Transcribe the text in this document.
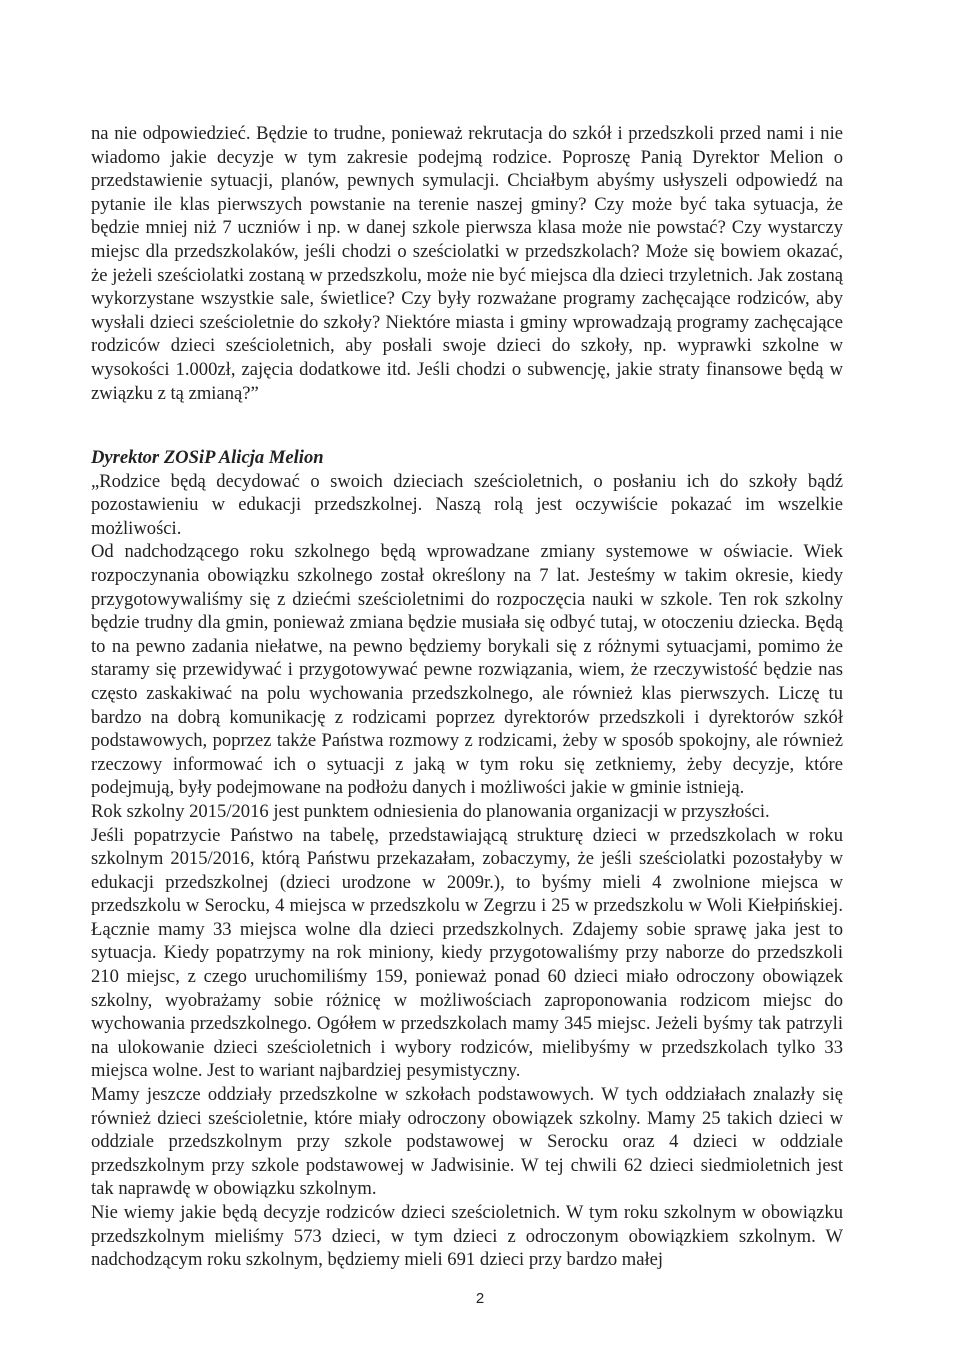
na nie odpowiedzieć. Będzie to trudne, ponieważ rekrutacja do szkół i przedszkoli przed nami i nie wiadomo jakie decyzje w tym zakresie podejmą rodzice. Poproszę Panią Dyrektor Melion o przedstawienie sytuacji, planów, pewnych symulacji. Chciałbym abyśmy usłyszeli odpowiedź na pytanie ile klas pierwszych powstanie na terenie naszej gminy? Czy może być taka sytuacja, że będzie mniej niż 7 uczniów i np. w danej szkole pierwsza klasa może nie powstać? Czy wystarczy miejsc dla przedszkolaków, jeśli chodzi o sześciolatki w przedszkolach? Może się bowiem okazać, że jeżeli sześciolatki zostaną w przedszkolu, może nie być miejsca dla dzieci trzyletnich. Jak zostaną wykorzystane wszystkie sale, świetlice? Czy były rozważane programy zachęcające rodziców, aby wysłali dzieci sześcioletnie do szkoły? Niektóre miasta i gminy wprowadzają programy zachęcające rodziców dzieci sześcioletnich, aby posłali swoje dzieci do szkoły, np. wyprawki szkolne w wysokości 1.000zł, zajęcia dodatkowe itd. Jeśli chodzi o subwencję, jakie straty finansowe będą w związku z tą zmianą?”

Dyrektor ZOSiP Alicja Melion

„Rodzice będą decydować o swoich dzieciach sześcioletnich, o posłaniu ich do szkoły bądź pozostawieniu w edukacji przedszkolnej. Naszą rolą jest oczywiście pokazać im wszelkie możliwości.

Od nadchodzącego roku szkolnego będą wprowadzane zmiany systemowe w oświacie. Wiek rozpoczynania obowiązku szkolnego został określony na 7 lat. Jesteśmy w takim okresie, kiedy przygotowywaliśmy się z dziećmi sześcioletnimi do rozpoczęcia nauki w szkole. Ten rok szkolny będzie trudny dla gmin, ponieważ zmiana będzie musiała się odbyć tutaj, w otoczeniu dziecka. Będą to na pewno zadania niełatwe, na pewno będziemy borykali się z różnymi sytuacjami, pomimo że staramy się przewidywać i przygotowywać pewne rozwiązania, wiem, że rzeczywistość będzie nas często zaskakiwać na polu wychowania przedszkolnego, ale również klas pierwszych. Liczę tu bardzo na dobrą komunikację z rodzicami poprzez dyrektorów przedszkoli i dyrektorów szkół podstawowych, poprzez także Państwa rozmowy z rodzicami, żeby w sposób spokojny, ale również rzeczowy informować ich o sytuacji z jaką w tym roku się zetkniemy, żeby decyzje, które podejmują, były podejmowane na podłożu danych i możliwości jakie w gminie istnieją.

Rok szkolny 2015/2016 jest punktem odniesienia do planowania organizacji w przyszłości.

Jeśli popatrzycie Państwo na tabelę, przedstawiającą strukturę dzieci w przedszkolach w roku szkolnym 2015/2016, którą Państwu przekazałam, zobaczymy, że jeśli sześciolatki pozostałyby w edukacji przedszkolnej (dzieci urodzone w 2009r.), to byśmy mieli 4 zwolnione miejsca w przedszkolu w Serocku, 4 miejsca w przedszkolu w Zegrzu i 25 w przedszkolu w Woli Kiełpińskiej. Łącznie mamy 33 miejsca wolne dla dzieci przedszkolnych. Zdajemy sobie sprawę jaka jest to sytuacja. Kiedy popatrzymy na rok miniony, kiedy przygotowaliśmy przy naborze do przedszkoli 210 miejsc, z czego uruchomiliśmy 159, ponieważ ponad 60 dzieci miało odroczony obowiązek szkolny, wyobrażamy sobie różnicę w możliwościach zaproponowania rodzicom miejsc do wychowania przedszkolnego. Ogółem w przedszkolach mamy 345 miejsc. Jeżeli byśmy tak patrzyli na ulokowanie dzieci sześcioletnich i wybory rodziców, mielibyśmy w przedszkolach tylko 33 miejsca wolne. Jest to wariant najbardziej pesymistyczny.

Mamy jeszcze oddziały przedszkolne w szkołach podstawowych. W tych oddziałach znalazły się również dzieci sześcioletnie, które miały odroczony obowiązek szkolny. Mamy 25 takich dzieci w oddziale przedszkolnym przy szkole podstawowej w Serocku oraz 4 dzieci w oddziale przedszkolnym przy szkole podstawowej w Jadwisinie. W tej chwili 62 dzieci siedmioletnich jest tak naprawdę w obowiązku szkolnym.

Nie wiemy jakie będą decyzje rodziców dzieci sześcioletnich. W tym roku szkolnym w obowiązku przedszkolnym mieliśmy 573 dzieci, w tym dzieci z odroczonym obowiązkiem szkolnym. W nadchodzącym roku szkolnym, będziemy mieli 691 dzieci przy bardzo małej

2
